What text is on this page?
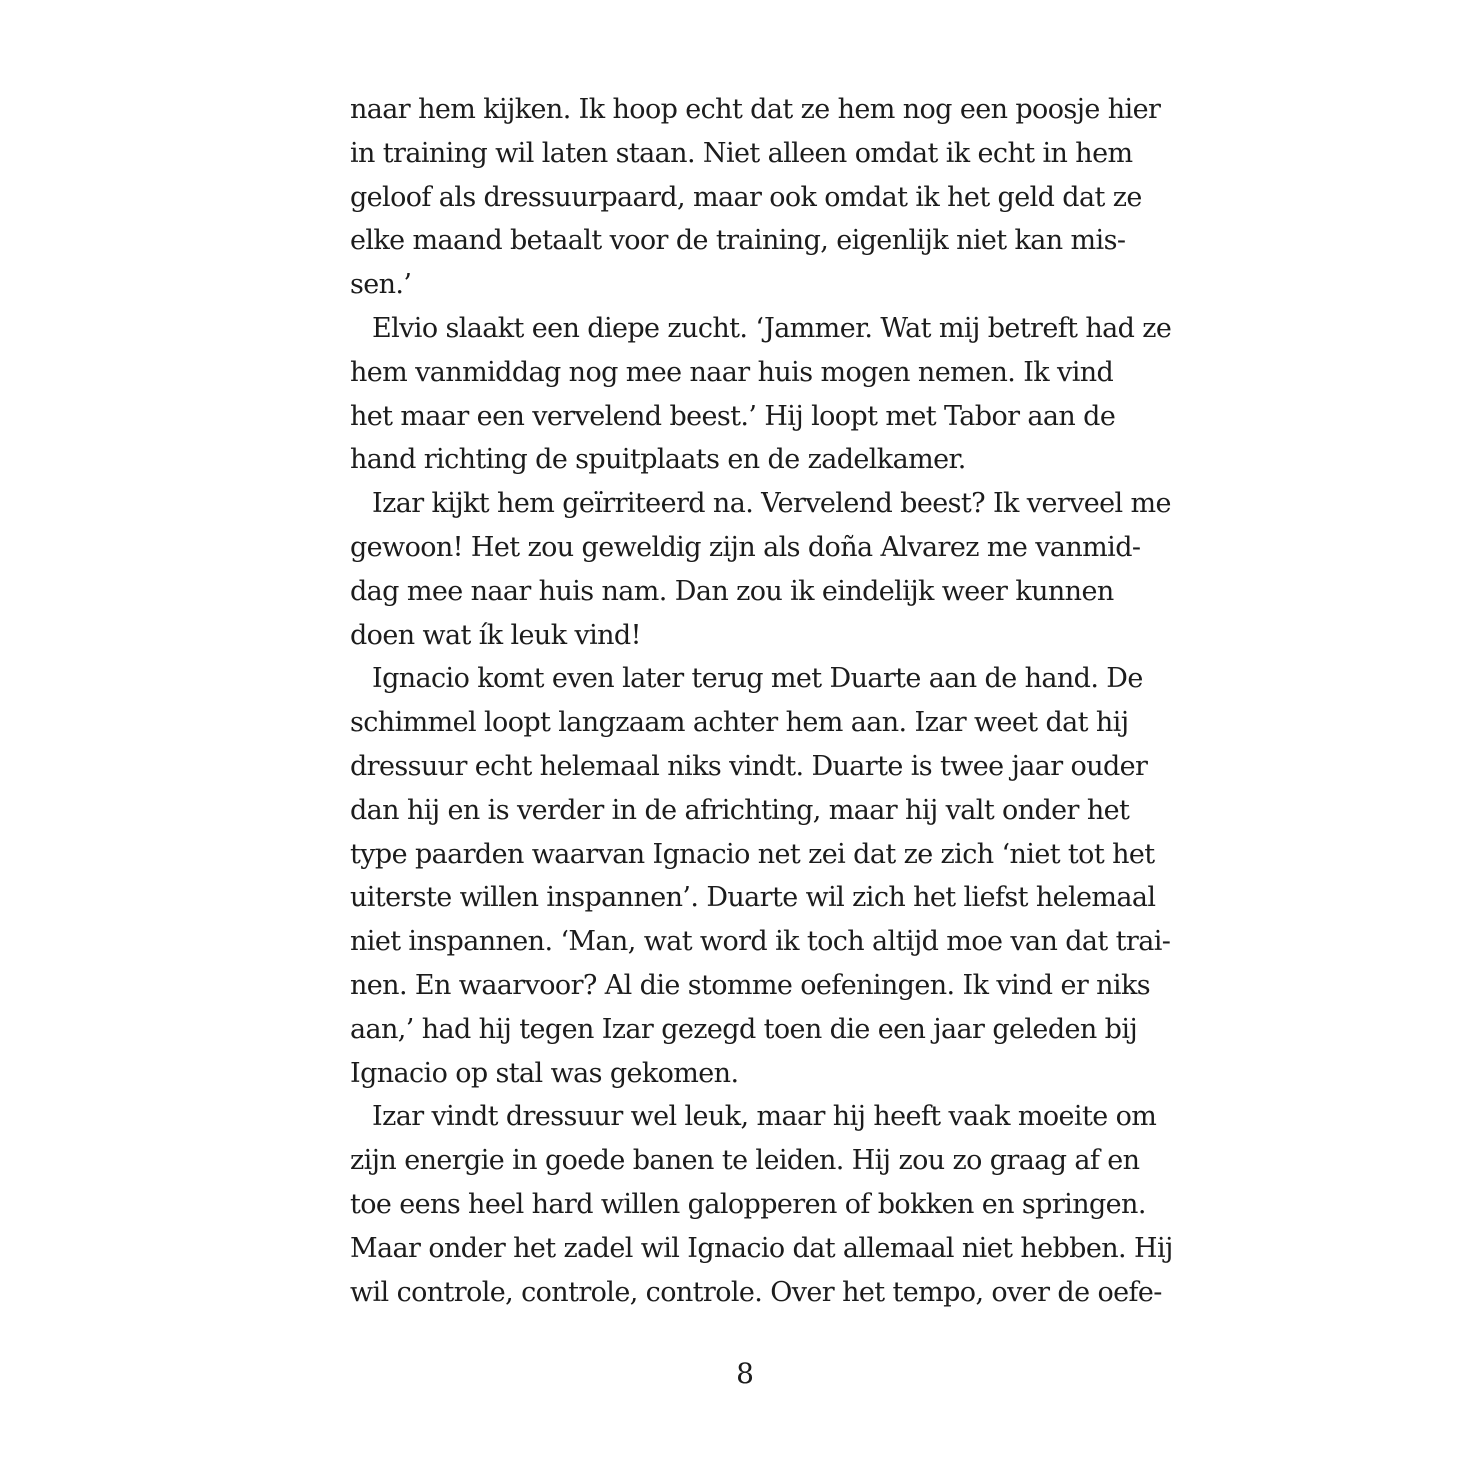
naar hem kijken. Ik hoop echt dat ze hem nog een poosje hier
in training wil laten staan. Niet alleen omdat ik echt in hem
geloof als dressuurpaard, maar ook omdat ik het geld dat ze
elke maand betaalt voor de training, eigenlijk niet kan mis-
sen.’
Elvio slaakt een diepe zucht. ‘Jammer. Wat mij betreft had ze
hem vanmiddag nog mee naar huis mogen nemen. Ik vind
het maar een vervelend beest.’ Hij loopt met Tabor aan de
hand richting de spuitplaats en de zadelkamer.
Izar kijkt hem geïrriteerd na. Vervelend beest? Ik verveel me
gewoon! Het zou geweldig zijn als doña Alvarez me vanmid-
dag mee naar huis nam. Dan zou ik eindelijk weer kunnen
doen wat ík leuk vind!
Ignacio komt even later terug met Duarte aan de hand. De
schimmel loopt langzaam achter hem aan. Izar weet dat hij
dressuur echt helemaal niks vindt. Duarte is twee jaar ouder
dan hij en is verder in de africhting, maar hij valt onder het
type paarden waarvan Ignacio net zei dat ze zich ‘niet tot het
uiterste willen inspannen’. Duarte wil zich het liefst helemaal
niet inspannen. ‘Man, wat word ik toch altijd moe van dat trai-
nen. En waarvoor? Al die stomme oefeningen. Ik vind er niks
aan,’ had hij tegen Izar gezegd toen die een jaar geleden bij
Ignacio op stal was gekomen.
Izar vindt dressuur wel leuk, maar hij heeft vaak moeite om
zijn energie in goede banen te leiden. Hij zou zo graag af en
toe eens heel hard willen galopperen of bokken en springen.
Maar onder het zadel wil Ignacio dat allemaal niet hebben. Hij
wil controle, controle, controle. Over het tempo, over de oefe-
8
